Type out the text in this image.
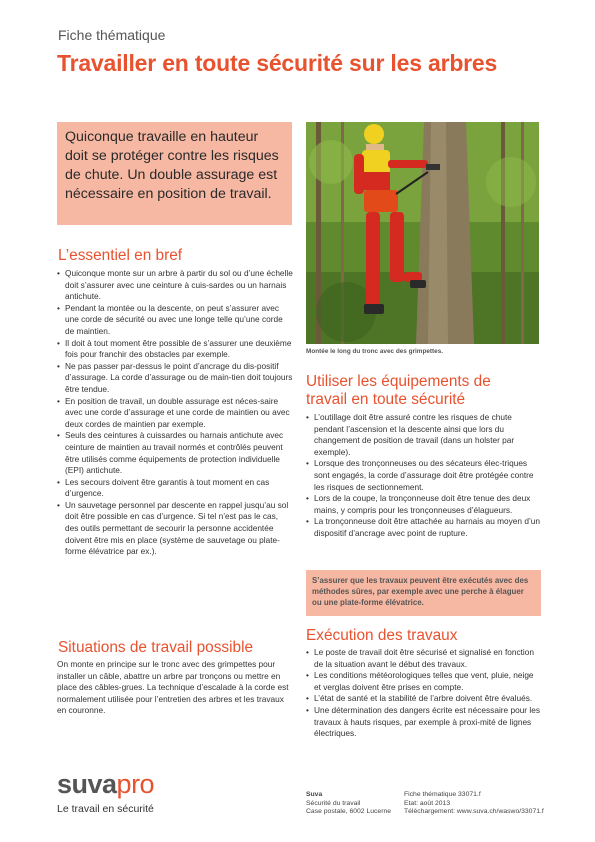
Fiche thématique
Travailler en toute sécurité sur les arbres

Quiconque travaille en hauteur doit se protéger contre les risques de chute. Un double assurage est nécessaire en position de travail.

Montée le long du tronc avec des grimpettes.
L’essentiel en bref
• Quiconque monte sur un arbre à partir du sol ou d’une échelle doit s’assurer avec une ceinture à cuis-sardes ou un harnais antichute.
• Pendant la montée ou la descente, on peut s’assurer avec une corde de sécurité ou avec une longe telle qu’une corde de maintien.
• Il doit à tout moment être possible de s’assurer une deuxième fois pour franchir des obstacles par exemple.
• Ne pas passer par-dessus le point d’ancrage du dis-positif d’assurage. La corde d’assurage ou de main-tien doit toujours être tendue.
• En position de travail, un double assurage est néces-saire avec une corde d’assurage et une corde de maintien ou avec deux cordes de maintien par exemple.
• Seuls des ceintures à cuissardes ou harnais antichute avec ceinture de maintien au travail normés et contrôlés peuvent être utilisés comme équipements de protection individuelle (EPI) antichute.
• Les secours doivent être garantis à tout moment en cas d’urgence.
• Un sauvetage personnel par descente en rappel jusqu’au sol doit être possible en cas d’urgence. Si tel n’est pas le cas, des outils permettant de secourir la personne accidentée doivent être mis en place (système de sauvetage ou plate-forme élévatrice par ex.).
Situations de travail possible

On monte en principe sur le tronc avec des grimpettes pour installer un câble, abattre un arbre par tronçons ou mettre en place des câbles-grues. La technique d’escalade à la corde est normalement utilisée pour l’entretien des arbres et les travaux en couronne.

Utiliser les équipements de travail en toute sécurité
• L’outillage doit être assuré contre les risques de chute pendant l’ascension et la descente ainsi que lors du changement de position de travail (dans un holster par exemple).
• Lorsque des tronçonneuses ou des sécateurs élec-triques sont engagés, la corde d’assurage doit être protégée contre les risques de sectionnement.
• Lors de la coupe, la tronçonneuse doit être tenue des deux mains, y compris pour les tronçonneuses d’élagueurs.
• La tronçonneuse doit être attachée au harnais au moyen d’un dispositif d’ancrage avec point de rupture.
S’assurer que les travaux peuvent être exécutés avec des méthodes sûres, par exemple avec une perche à élaguer ou une plate-forme élévatrice.
Exécution des travaux
• Le poste de travail doit être sécurisé et signalisé en fonction de la situation avant le début des travaux.
• Les conditions météorologiques telles que vent, pluie, neige et verglas doivent être prises en compte.
• L’état de santé et la stabilité de l’arbre doivent être évalués.
• Une détermination des dangers écrite est nécessaire pour les travaux à hauts risques, par exemple à proxi-mité de lignes électriques.
suvapro
Le travail en sécurité
Suva
Sécurité du travail
Case postale, 6002 Lucerne
Fiche thématique 33071.f
Etat: août 2013
Téléchargement: www.suva.ch/waswo/33071.f
